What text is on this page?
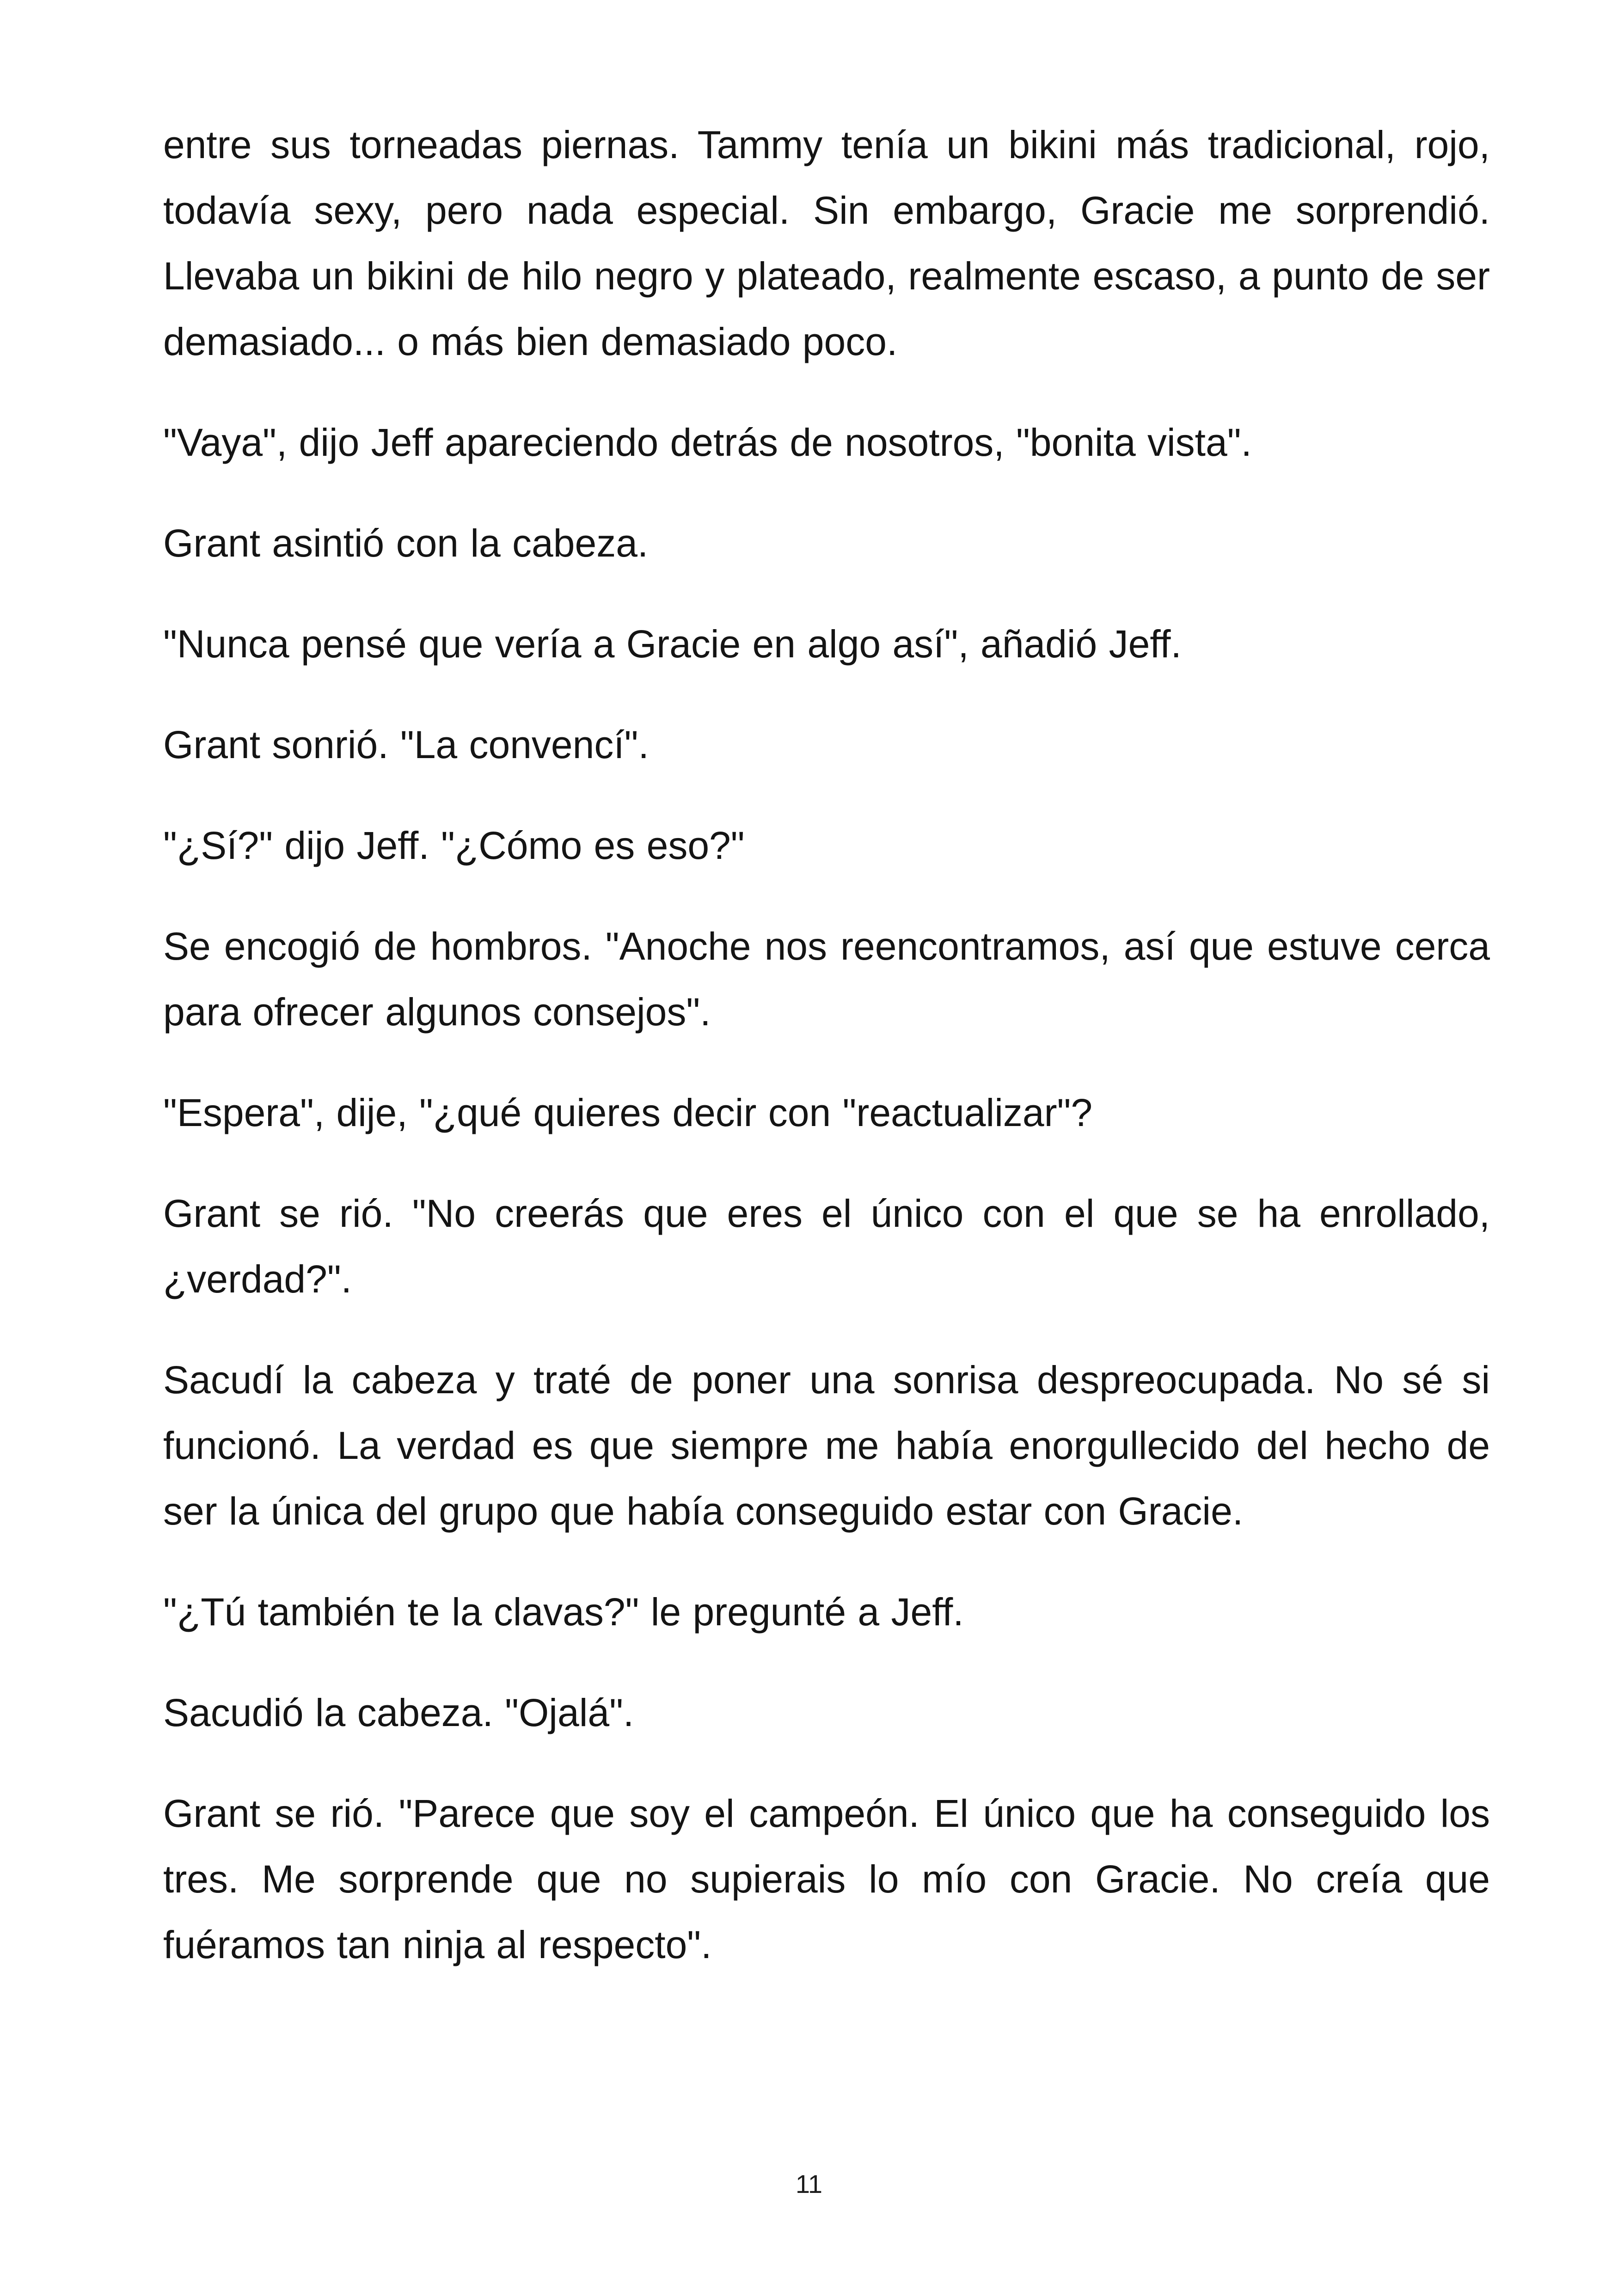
entre sus torneadas piernas. Tammy tenía un bikini más tradicional, rojo, todavía sexy, pero nada especial. Sin embargo, Gracie me sorprendió. Llevaba un bikini de hilo negro y plateado, realmente escaso, a punto de ser demasiado... o más bien demasiado poco.

"Vaya", dijo Jeff apareciendo detrás de nosotros, "bonita vista".

Grant asintió con la cabeza.

"Nunca pensé que vería a Gracie en algo así", añadió Jeff.

Grant sonrió. "La convencí".

"¿Sí?" dijo Jeff. "¿Cómo es eso?"

Se encogió de hombros. "Anoche nos reencontramos, así que estuve cerca para ofrecer algunos consejos".

"Espera", dije, "¿qué quieres decir con "reactualizar"?

Grant se rió. "No creerás que eres el único con el que se ha enrollado, ¿verdad?".

Sacudí la cabeza y traté de poner una sonrisa despreocupada. No sé si funcionó. La verdad es que siempre me había enorgullecido del hecho de ser la única del grupo que había conseguido estar con Gracie.

"¿Tú también te la clavas?" le pregunté a Jeff.

Sacudió la cabeza. "Ojalá".

Grant se rió. "Parece que soy el campeón. El único que ha conseguido los tres. Me sorprende que no supierais lo mío con Gracie. No creía que fuéramos tan ninja al respecto".

11
